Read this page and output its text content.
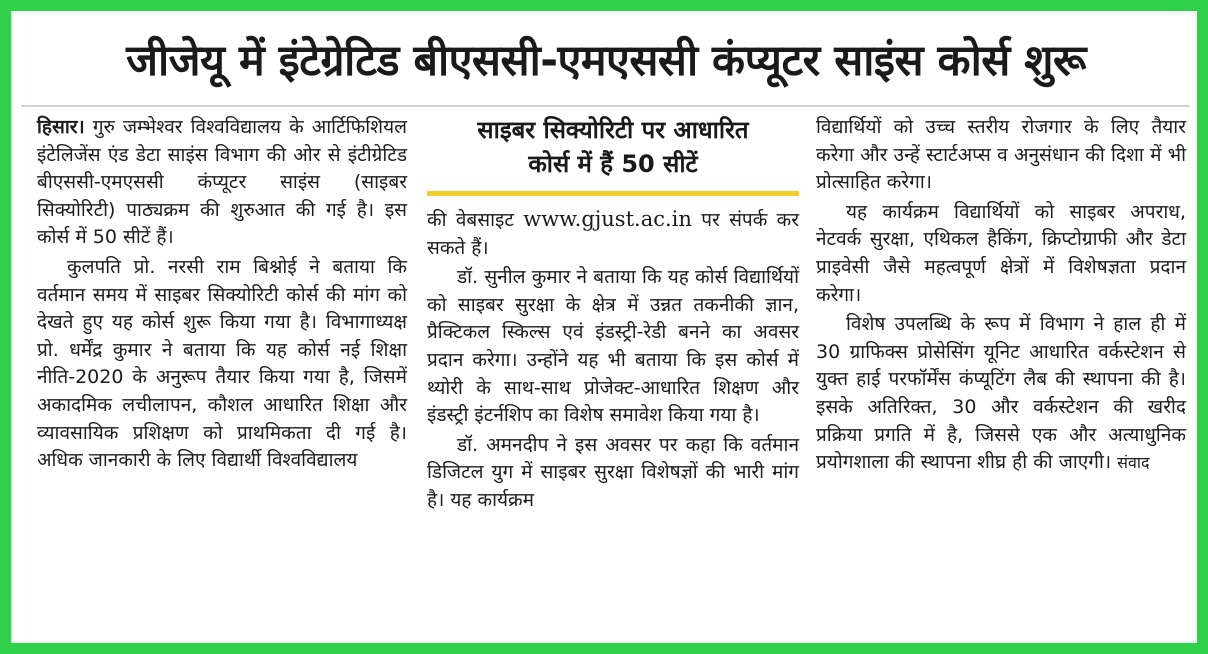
जीजेयू में इंटेग्रेटिड बीएससी-एमएससी कंप्यूटर साइंस कोर्स शुरू

हिसार। गुरु जम्भेश्वर विश्वविद्यालय के आर्टिफिशियल इंटेलिजेंस एंड डेटा साइंस विभाग की ओर से इंटीग्रेटिड बीएससी-एमएससी कंप्यूटर साइंस (साइबर सिक्योरिटी) पाठ्यक्रम की शुरुआत की गई है। इस कोर्स में 50 सीटें हैं।

कुलपति प्रो. नरसी राम बिश्नोई ने बताया कि वर्तमान समय में साइबर सिक्योरिटी कोर्स की मांग को देखते हुए यह कोर्स शुरू किया गया है। विभागाध्यक्ष प्रो. धर्मेंद्र कुमार ने बताया कि यह कोर्स नई शिक्षा नीति-2020 के अनुरूप तैयार किया गया है, जिसमें अकादमिक लचीलापन, कौशल आधारित शिक्षा और व्यावसायिक प्रशिक्षण को प्राथमिकता दी गई है। अधिक जानकारी के लिए विद्यार्थी विश्वविद्यालय

साइबर सिक्योरिटी पर आधारित
कोर्स में हैं 50 सीटें

की वेबसाइट www.gjust.ac.in पर संपर्क कर सकते हैं।

डॉ. सुनील कुमार ने बताया कि यह कोर्स विद्यार्थियों को साइबर सुरक्षा के क्षेत्र में उन्नत तकनीकी ज्ञान, प्रैक्टिकल स्किल्स एवं इंडस्ट्री-रेडी बनने का अवसर प्रदान करेगा। उन्होंने यह भी बताया कि इस कोर्स में थ्योरी के साथ-साथ प्रोजेक्ट-आधारित शिक्षण और इंडस्ट्री इंटर्नशिप का विशेष समावेश किया गया है।

डॉ. अमनदीप ने इस अवसर पर कहा कि वर्तमान डिजिटल युग में साइबर सुरक्षा विशेषज्ञों की भारी मांग है। यह कार्यक्रम

विद्यार्थियों को उच्च स्तरीय रोजगार के लिए तैयार करेगा और उन्हें स्टार्टअप्स व अनुसंधान की दिशा में भी प्रोत्साहित करेगा।

यह कार्यक्रम विद्यार्थियों को साइबर अपराध, नेटवर्क सुरक्षा, एथिकल हैकिंग, क्रिप्टोग्राफी और डेटा प्राइवेसी जैसे महत्वपूर्ण क्षेत्रों में विशेषज्ञता प्रदान करेगा।

विशेष उपलब्धि के रूप में विभाग ने हाल ही में 30 ग्राफिक्स प्रोसेसिंग यूनिट आधारित वर्कस्टेशन से युक्त हाई परफॉर्मेंस कंप्यूटिंग लैब की स्थापना की है। इसके अतिरिक्त, 30 और वर्कस्टेशन की खरीद प्रक्रिया प्रगति में है, जिससे एक और अत्याधुनिक प्रयोगशाला की स्थापना शीघ्र ही की जाएगी। संवाद
